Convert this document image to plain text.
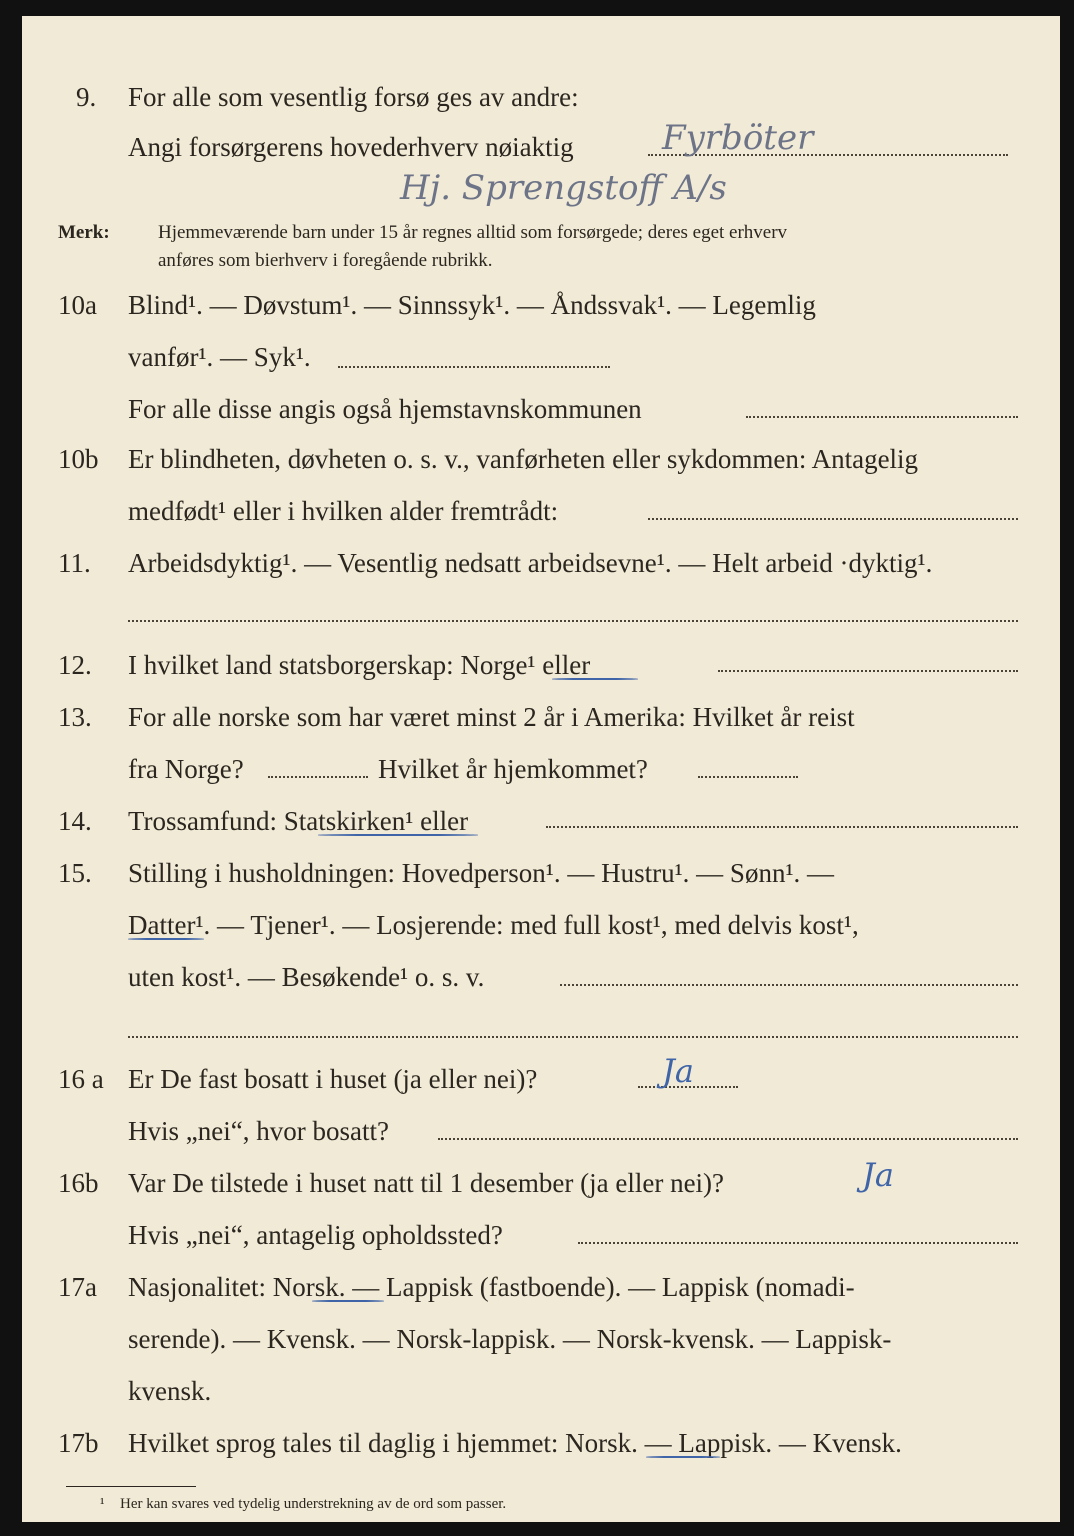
9. For alle som vesentlig forsø ges av andre:
Angi forsørgerens hovederhverv nøiaktig	Fyrböter
Hj. Sprengstoff A/s
Merk:	Hjemmeværende barn under 15 år regnes alltid som forsørgede; deres eget erhverv
anføres som bierhverv i foregående rubrikk.
10a Blind¹. — Døvstum¹. — Sinnssyk¹. — Åndssvak¹. — Legemlig
vanfør¹. — Syk¹.
For alle disse angis også hjemstavnskommunen
10b Er blindheten, døvheten o. s. v., vanførheten eller sykdommen: Antagelig
medfødt¹ eller i hvilken alder fremtrådt:
11. Arbeidsdyktig¹. — Vesentlig nedsatt arbeidsevne¹. — Helt arbeid ·dyktig¹.
12. I hvilket land statsborgerskap: Norge¹ eller
13. For alle norske som har været minst 2 år i Amerika: Hvilket år reist
fra Norge?	Hvilket år hjemkommet?
14. Trossamfund: Statskirken¹ eller
15. Stilling i husholdningen: Hovedperson¹. — Hustru¹. — Sønn¹. —
Datter¹. — Tjener¹. — Losjerende: med full kost¹, med delvis kost¹,
uten kost¹. — Besøkende¹ o. s. v.
16 a Er De fast bosatt i huset (ja eller nei)?	Ja
Hvis „nei“, hvor bosatt?
16b Var De tilstede i huset natt til 1 desember (ja eller nei)?	Ja
Hvis „nei“, antagelig opholdssted?
17a Nasjonalitet: Norsk. — Lappisk (fastboende). — Lappisk (nomadi-
serende). — Kvensk. — Norsk-lappisk. — Norsk-kvensk. — Lappisk-
kvensk.
17b Hvilket sprog tales til daglig i hjemmet: Norsk. — Lappisk. — Kvensk.
¹ Her kan svares ved tydelig understrekning av de ord som passer.
